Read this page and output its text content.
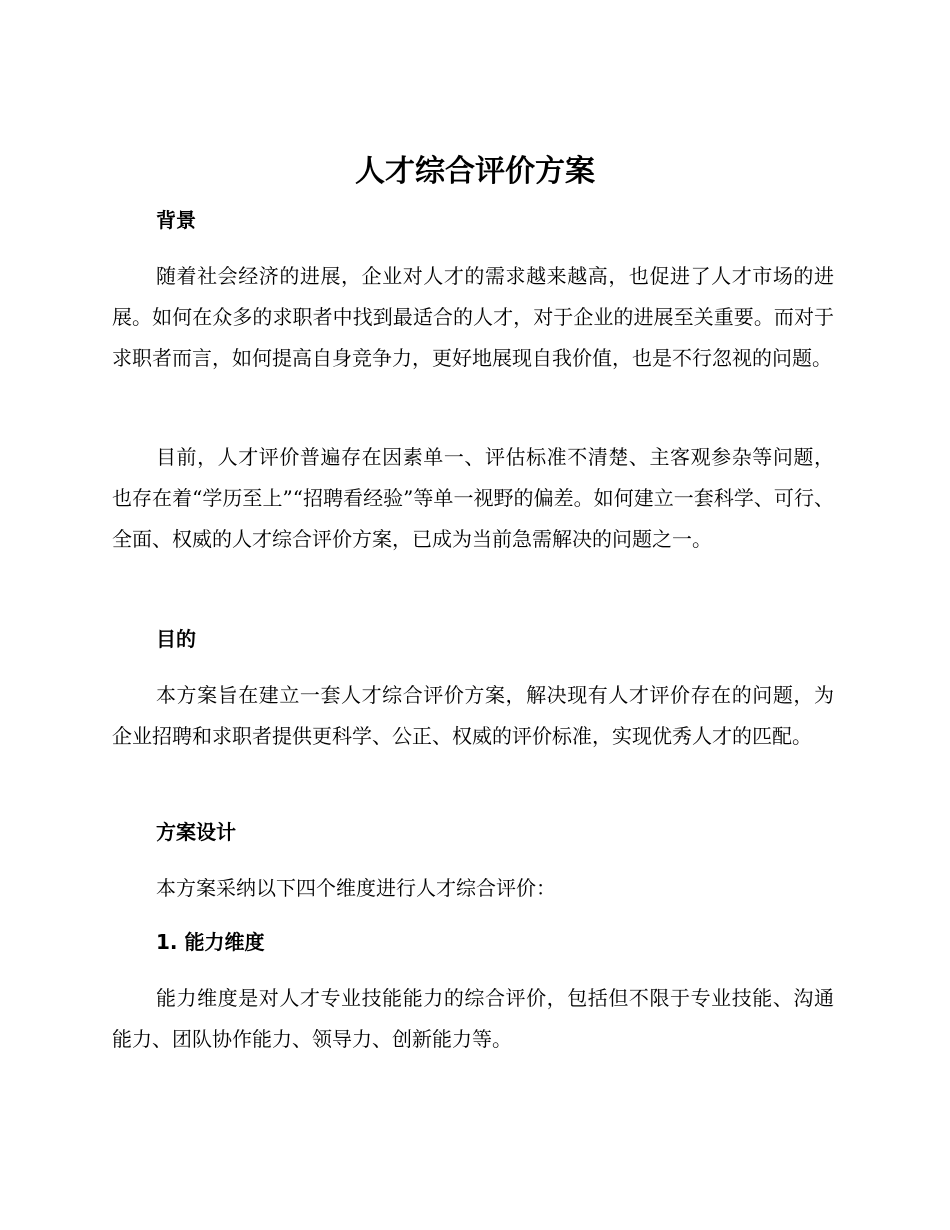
人才综合评价方案
背景

随着社会经济的进展，企业对人才的需求越来越高，也促进了人才市场的进展。如何在众多的求职者中找到最适合的人才，对于企业的进展至关重要。而对于求职者而言，如何提高自身竞争力，更好地展现自我价值，也是不行忽视的问题。

目前，人才评价普遍存在因素单一、评估标准不清楚、主客观参杂等问题，也存在着“学历至上”“招聘看经验”等单一视野的偏差。如何建立一套科学、可行、全面、权威的人才综合评价方案，已成为当前急需解决的问题之一。

目的

本方案旨在建立一套人才综合评价方案，解决现有人才评价存在的问题，为企业招聘和求职者提供更科学、公正、权威的评价标准，实现优秀人才的匹配。

方案设计

本方案采纳以下四个维度进行人才综合评价：

1. 能力维度

能力维度是对人才专业技能能力的综合评价，包括但不限于专业技能、沟通能力、团队协作能力、领导力、创新能力等。
